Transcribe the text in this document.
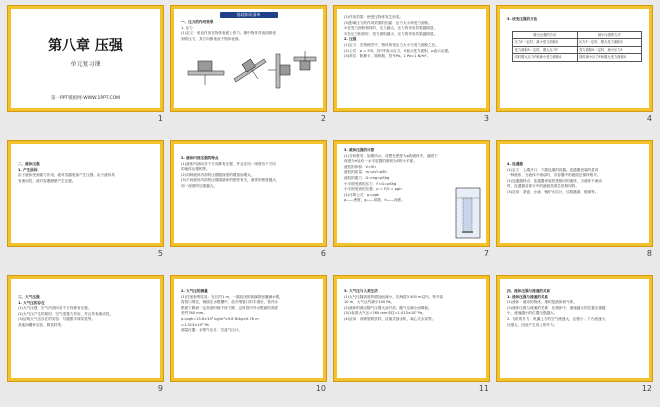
第八章 压强
单元复习课
第一PPT模板网-WWW.1PPT.COM
1
基础知识清单
一、压力的作用效果
1. 压力
(1)定义：垂直作用在物体表面上的力。图中物体对表面都受
到的压力，其方向都垂直于物体表面。
2
(2)作用效果：使受压物体发生形变。
(3)影响压力的作用效果的因素：压力大小和受力面积。
①在受力面积相同时，压力越大，压力的作用效果越明显。
②在压力相同时，受力面积越小，压力的作用效果越明显。
2. 压强
(1)定义：在物理学中，物体所受压力大小与受力面积之比。
(2)公式：p = F/S，其中F表示压力，S表示受力面积，p表示压强。
(3)单位：帕斯卡，简称帕，符号Pa。1 Pa=1 N/m²。
3
3. 改变压强的方法
增大压强的方法	减小压强的方法
压力F一定时，减小受力面积S	压力F一定时，增大受力面积S
受力面积S一定时，增大压力F	受力面积S一定时，减小压力F
同时增大压力F和减小受力面积S	同时减小压力F和增大受力面积S
4
二、液体压强
1. 产生原因
由于液体受到重力作用，液对容器底部产生压强；由于液体具
有流动性，液对容器侧壁产生压强。
5
2. 液体内部压强的特点
(1)液体内部向各个方向都有压强，并且在同一深度各个方向
的液体压强相等。
(2)同种液体内部的压强随深度的增加而增大。
(3)不同液体内部的压强跟液体的密度有关，液体的密度越大，
同一深度的压强越大。
6
3. 液体压强的计算
(1)分析推导：如图所示，设想在密度为ρ的液体中，液面下
深度为h处有一水平放置的面积为S的小平面。
液柱的体积：V=Sh
液柱的质量：m=ρV=ρSh
液柱的重力：G=mg=ρShg
小平面受到的压力：F=G=ρShg
小平面受到的压强：p = F/S = ρgh
(2)计算公式：p=ρgh
ρ——密度；g——常数；h——深度。
7
4. 连通器
(1)定义：上端开口、下端连通的容器。连通器里装的是同
一种液体，当液体不流动时，各容器中的液面总保持相平。
(2)连通器特点：连通器里装的是相同的液体，当液体不流动
时，连通器各部分中的液面高度总是相同的。
(3)应用：茶壶、水壶、锅炉水位计、过路涵洞、船闸等。
8
三、大气压强
1. 大气压的存在
(1)大气压强：空气内部向各个方向都有压强。
(2)大气压产生的原因：空气受重力作用，并且具有流动性。
(3)证明大气压存在的实验：马德堡半球实验等。
其他如覆杯实验、吸饮料等。
9
2. 大气压的测量
(1)托里拆利实验：在长约1 m，一端封闭的玻璃管里灌满水银，
将管口堵住，倒插在水银槽中，放开堵管口的手指后，管内水
银面下降到一定高度时就不再下降，这时管内外水银面的高度
差约760 mm。
p=ρgh=13.6×10³ kg/m³×9.8 N/kg×0.76 m
≈1.013×10⁵ Pa
测量仪器：水银气压计、空盒气压计。
10
3. 大气压与人类生活
(1)大气压随高度的增加而减小。在海拔3 000 m以内，每升高
10 m，大气压约减小100 Pa。
(2)液体的沸点随气压增大而升高，随气压减小而降低。
(3)1标准大气压=760 mm汞柱=1.013×10⁵ Pa。
(4)应用：用吸管吸饮料、活塞式抽水机、离心式水泵等。
11
四、流体压强与流速的关系
1. 流体压强与流速的关系
(1)流体：流动的物体，指的是液体和气体。
(2)流体压强与流速的关系：在流体中，流速越大的位置压强越
小，流速越小的位置压强越大。
2. 飞机的升力：机翼上方的空气流速大，压强小；下方流速小，
压强大，因此产生向上的升力。
12
